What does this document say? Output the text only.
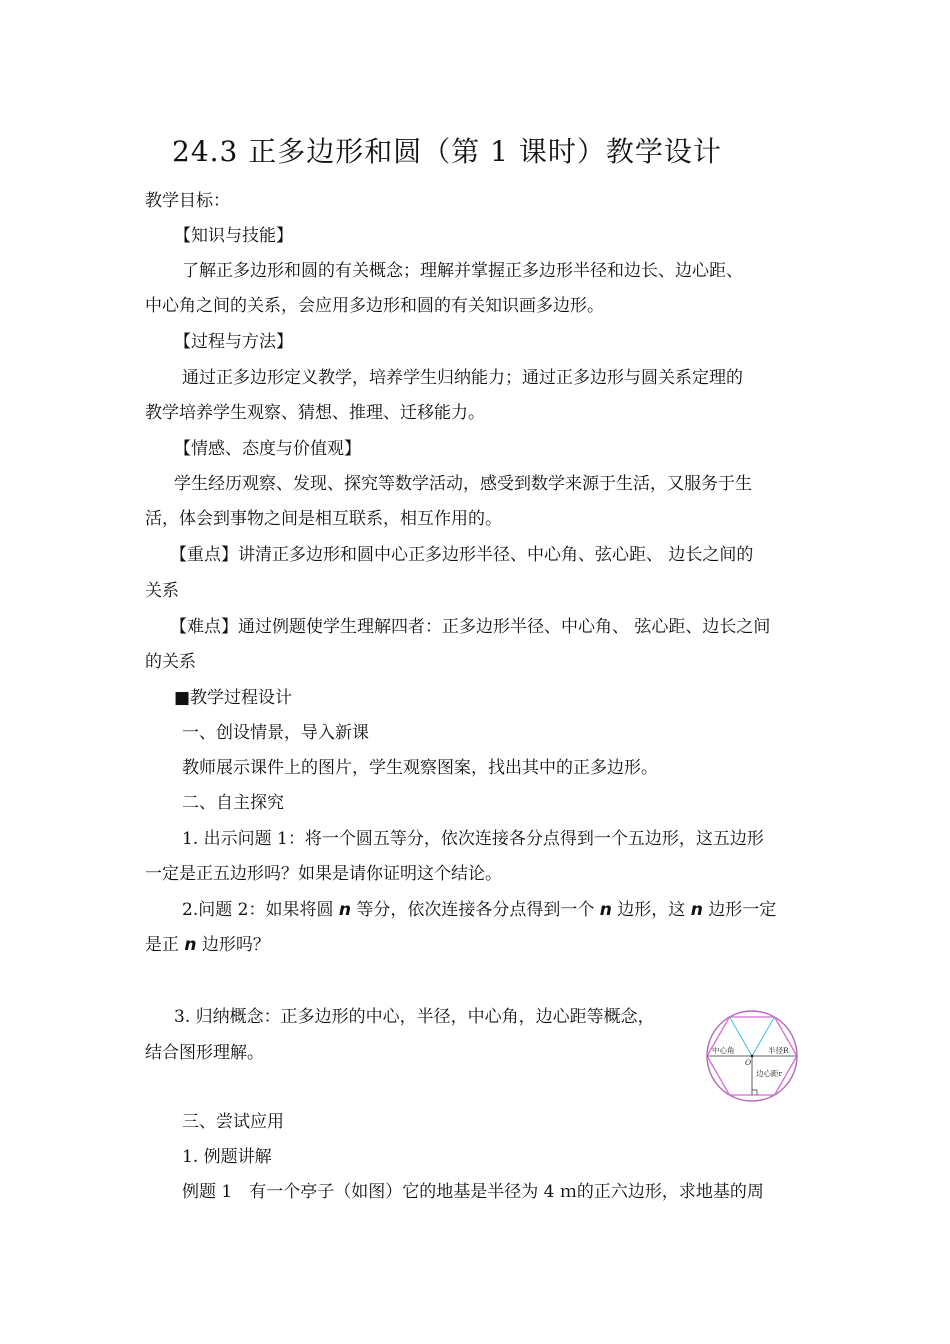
24.3 正多边形和圆（第 1 课时）教学设计
教学目标：
【知识与技能】
了解正多边形和圆的有关概念；理解并掌握正多边形半径和边长、边心距、
中心角之间的关系，会应用多边形和圆的有关知识画多边形。
【过程与方法】
通过正多边形定义教学，培养学生归纳能力；通过正多边形与圆关系定理的
教学培养学生观察、猜想、推理、迁移能力。
【情感、态度与价值观】
学生经历观察、发现、探究等数学活动，感受到数学来源于生活，又服务于生
活，体会到事物之间是相互联系，相互作用的。
【重点】讲清正多边形和圆中心正多边形半径、中心角、弦心距、 边长之间的
关系
【难点】通过例题使学生理解四者：正多边形半径、中心角、 弦心距、边长之间
的关系
■教学过程设计
一、创设情景，导入新课
教师展示课件上的图片，学生观察图案，找出其中的正多边形。
二、自主探究
1. 出示问题 1：将一个圆五等分，依次连接各分点得到一个五边形，这五边形
一定是正五边形吗？如果是请你证明这个结论。
2.问题 2：如果将圆 n 等分，依次连接各分点得到一个 n 边形，这 n 边形一定
是正 n 边形吗？
3. 归纳概念：正多边形的中心，半径，中心角，边心距等概念，
结合图形理解。	中心角	半径R
O
边心距r
三、尝试应用
1. 例题讲解
例题 1　有一个亭子（如图）它的地基是半径为 4 ｍ的正六边形，求地基的周
